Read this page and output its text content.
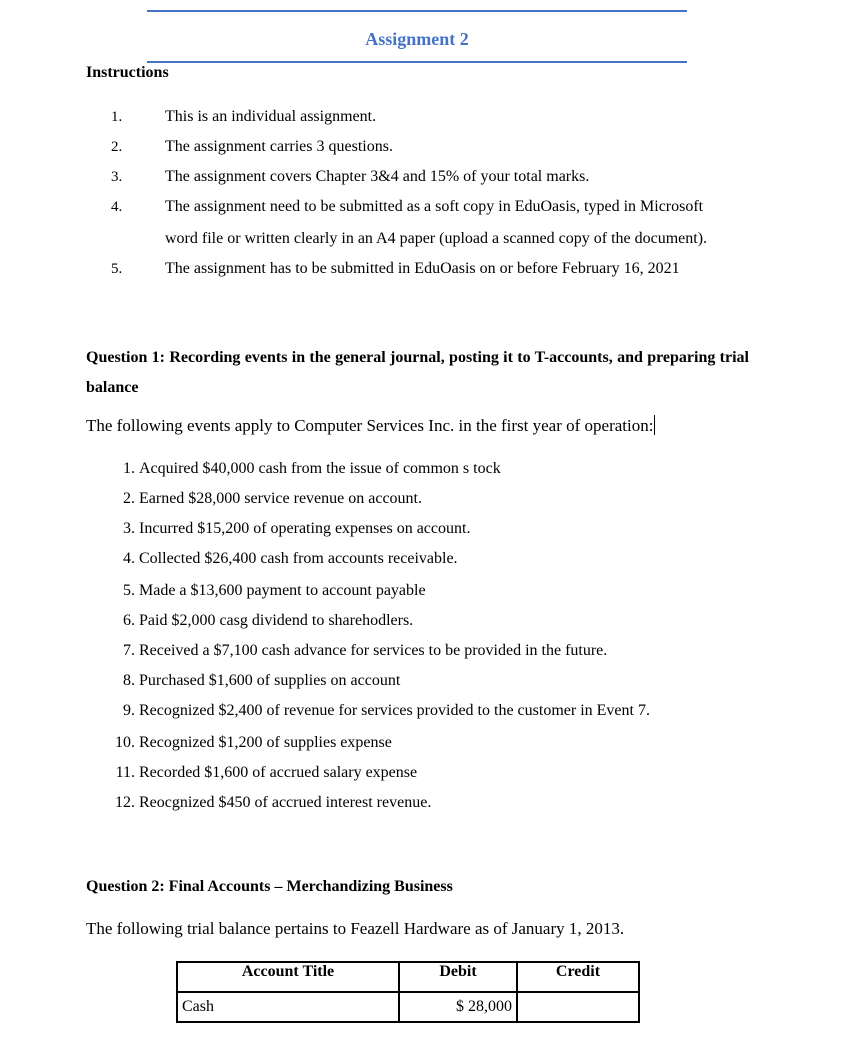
Assignment 2
Instructions
1.	This is an individual assignment.
2.	The assignment carries 3 questions.
3.	The assignment covers Chapter 3&4 and 15% of your total marks.
4.	The assignment need to be submitted as a soft copy in EduOasis, typed in Microsoft
word file or written clearly in an A4 paper (upload a scanned copy of the document).
5.	The assignment has to be submitted in EduOasis on or before February 16, 2021
Question 1: Recording events in the general journal, posting it to T-accounts, and preparing trial balance
The following events apply to Computer Services Inc. in the first year of operation:
1. Acquired $40,000 cash from the issue of common s tock
2. Earned $28,000 service revenue on account.
3. Incurred $15,200 of operating expenses on account.
4. Collected $26,400 cash from accounts receivable.
5. Made a $13,600 payment to account payable
6. Paid $2,000 casg dividend to sharehodlers.
7. Received a $7,100 cash advance for services to be provided in the future.
8. Purchased $1,600 of supplies on account
9. Recognized $2,400 of revenue for services provided to the customer in Event 7.
10. Recognized $1,200 of supplies expense
11. Recorded $1,600 of accrued salary expense
12. Reocgnized $450 of accrued interest revenue.
Question 2: Final Accounts – Merchandizing Business
The following trial balance pertains to Feazell Hardware as of January 1, 2013.
Account Title	Debit	Credit
Cash	$ 28,000	
